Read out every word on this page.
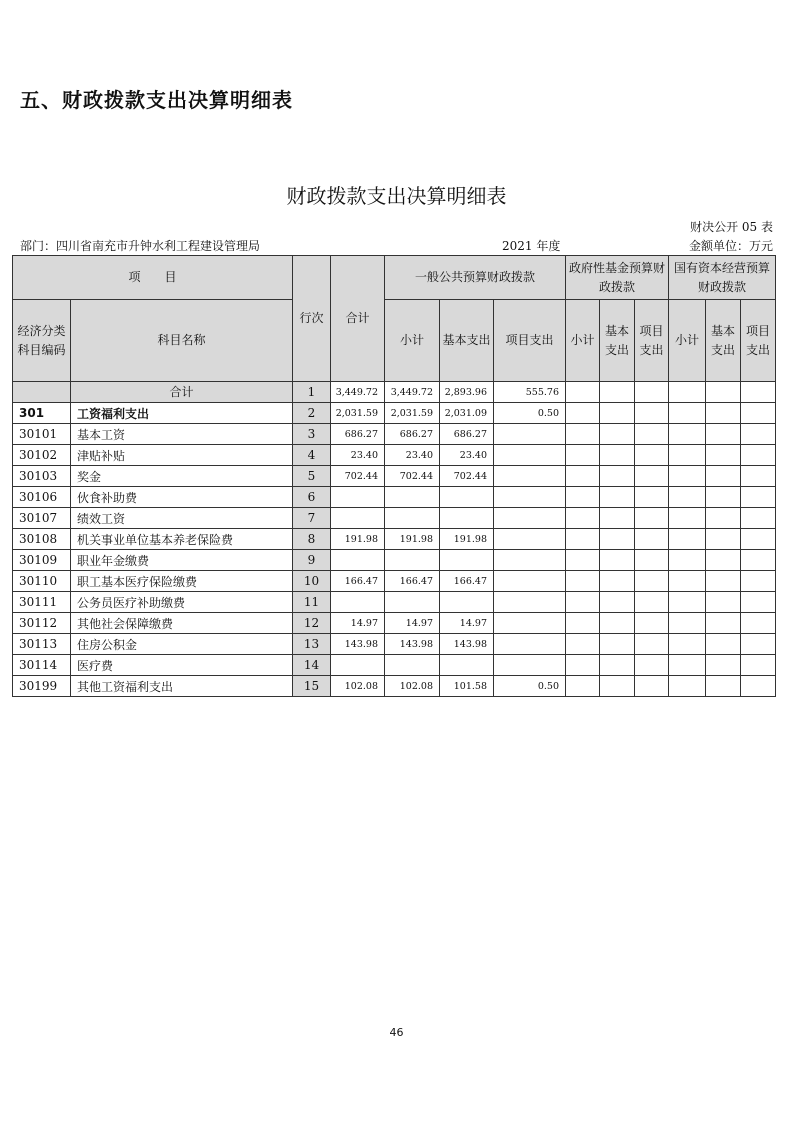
五、财政拨款支出决算明细表
财政拨款支出决算明细表
财决公开 05 表
部门：四川省南充市升钟水利工程建设管理局	2021 年度	金额单位：万元
项　　目		行次	合计	一般公共预算财政拨款			政府性基金预算财政拨款			国有资本经营预算财政拨款		
经济分类科目编码	科目名称			小计	基本支出	项目支出	小计	基本支出	项目支出	小计	基本支出	项目支出

	合计	1	3,449.72	3,449.72	2,893.96	555.76						
301	工资福利支出	2	2,031.59	2,031.59	2,031.09	0.50						
30101	基本工资	3	686.27	686.27	686.27							
30102	津贴补贴	4	23.40	23.40	23.40							
30103	奖金	5	702.44	702.44	702.44							
30106	伙食补助费	6										
30107	绩效工资	7										
30108	机关事业单位基本养老保险费	8	191.98	191.98	191.98							
30109	职业年金缴费	9										
30110	职工基本医疗保险缴费	10	166.47	166.47	166.47							
30111	公务员医疗补助缴费	11										
30112	其他社会保障缴费	12	14.97	14.97	14.97							
30113	住房公积金	13	143.98	143.98	143.98							
30114	医疗费	14										
30199	其他工资福利支出	15	102.08	102.08	101.58	0.50						
46
